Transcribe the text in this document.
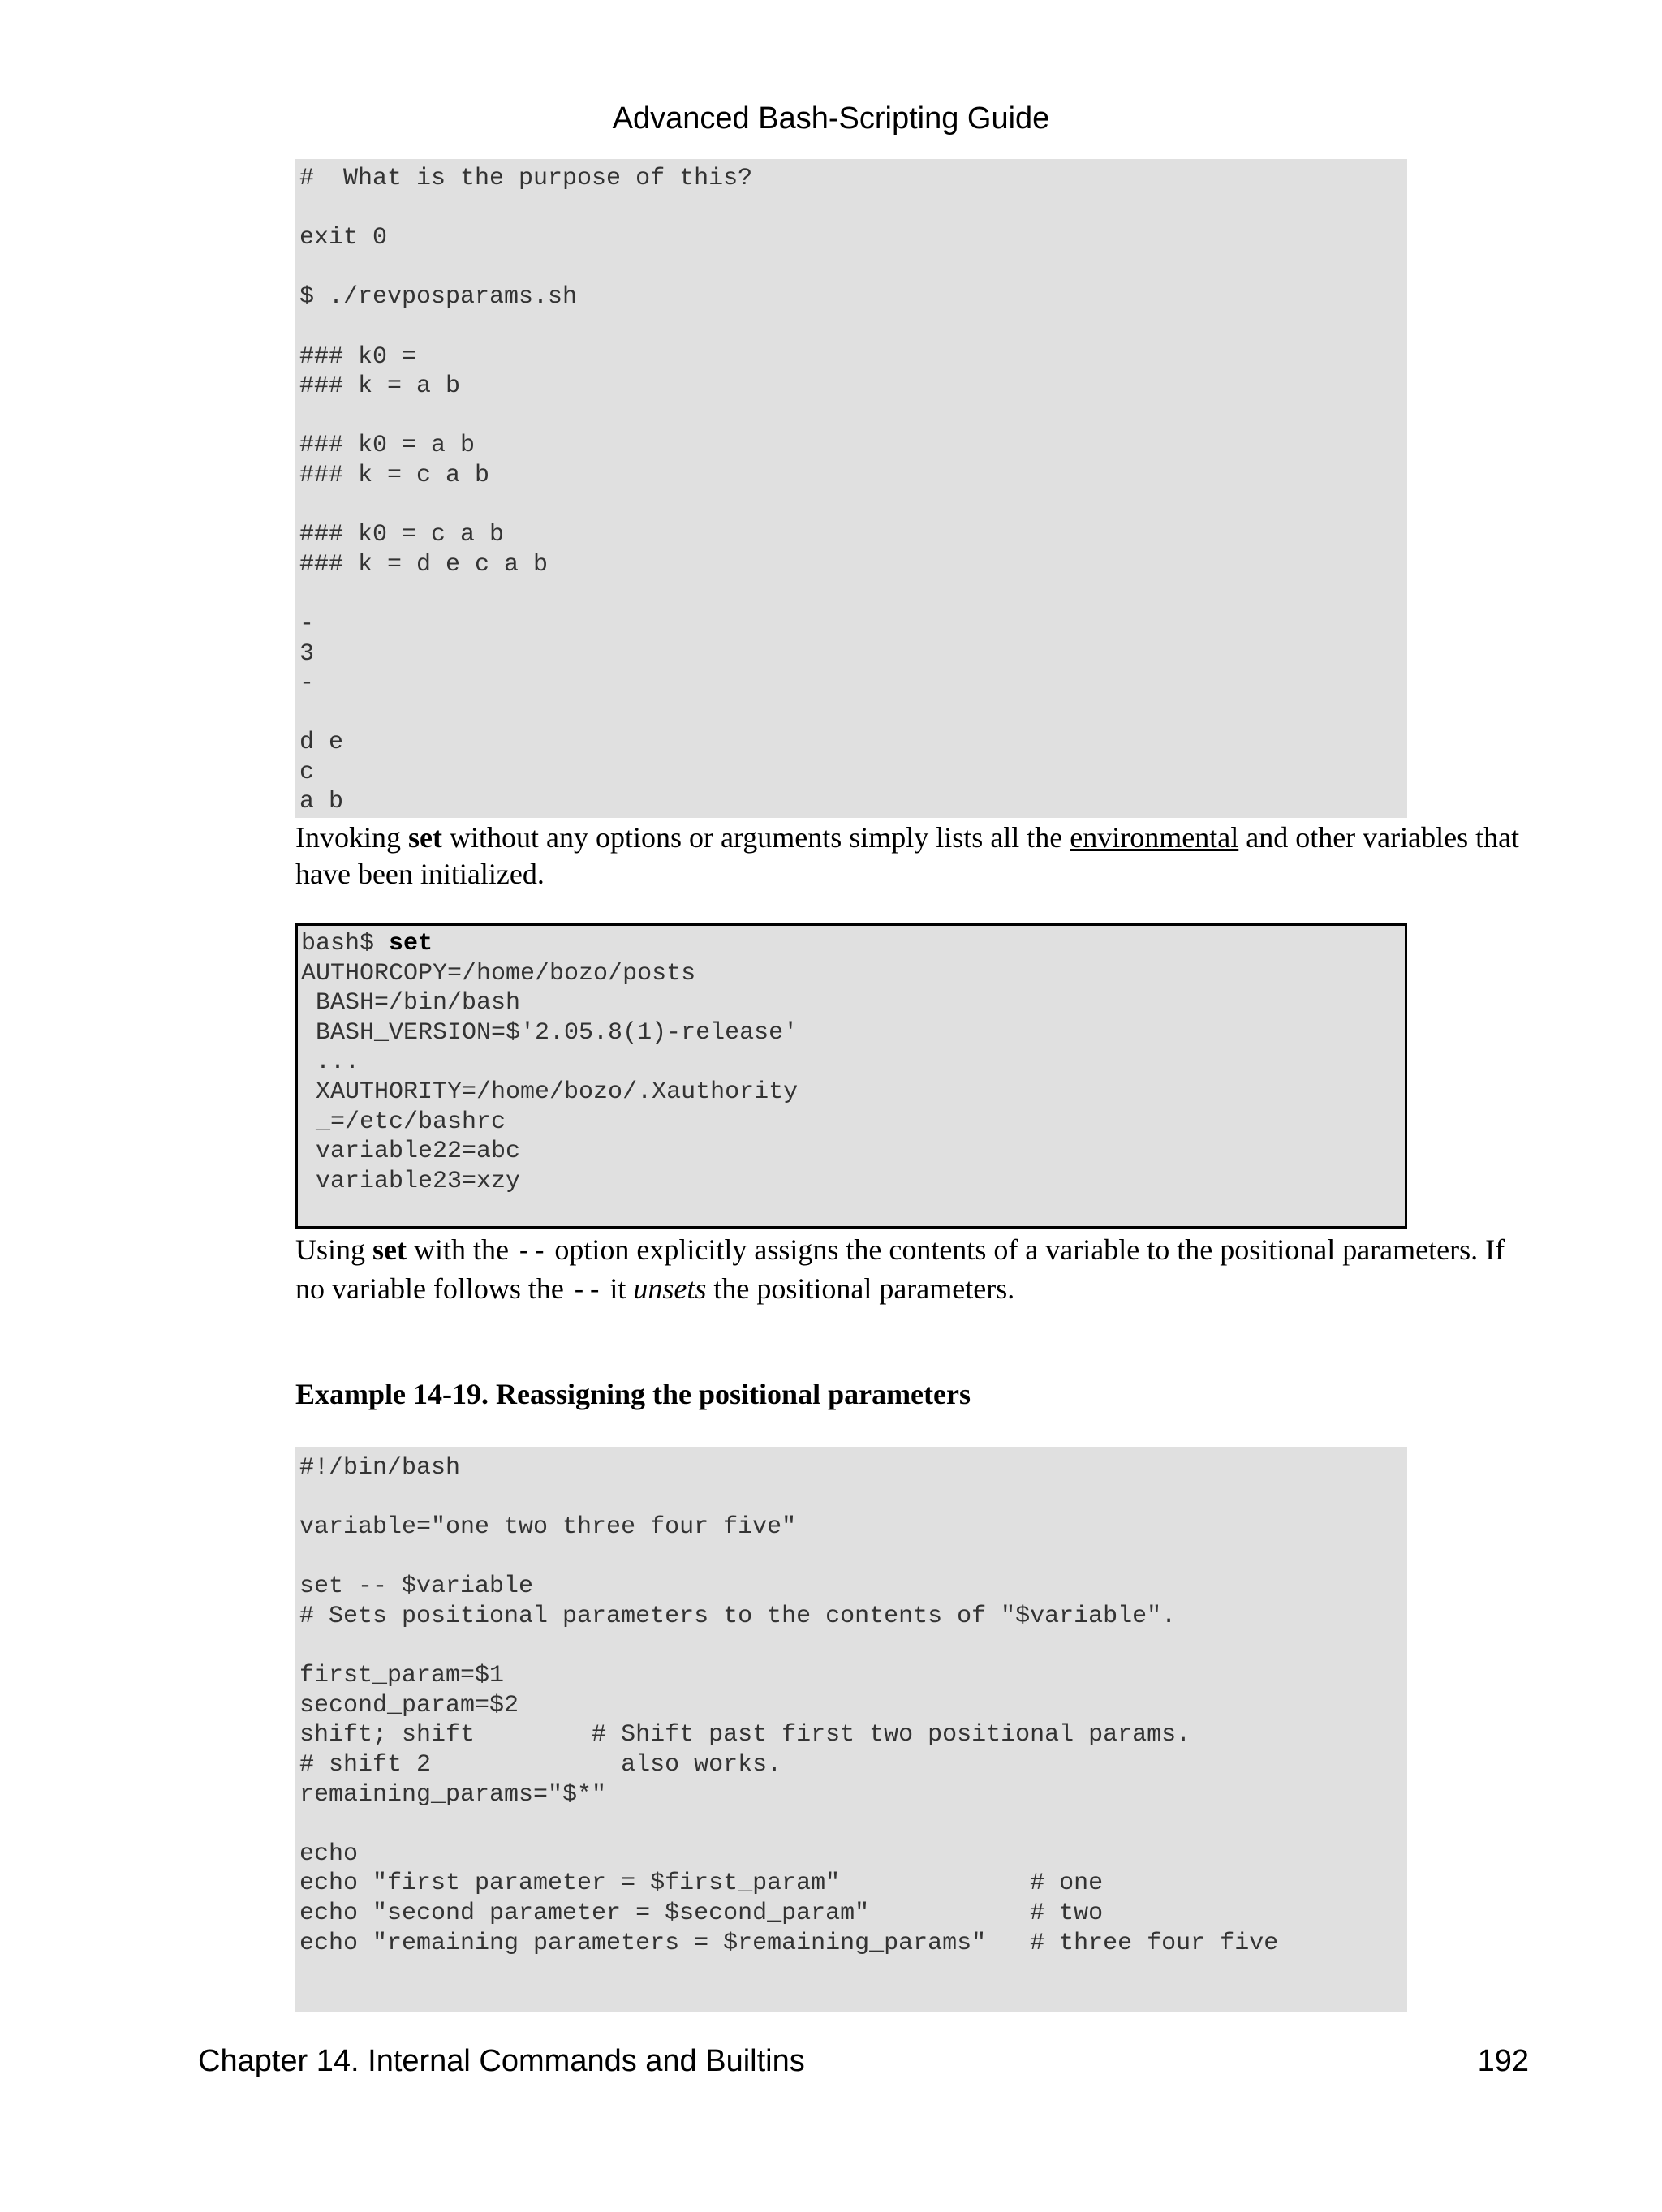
Advanced Bash-Scripting Guide
#  What is the purpose of this?
exit 0
$ ./revposparams.sh
### k0 =
### k = a b
### k0 = a b
### k = c a b
### k0 = c a b
### k = d e c a b
-
3
-
d e
c
a b

Invoking set without any options or arguments simply lists all the environmental and other variables that have been initialized.

bash$ set
AUTHORCOPY=/home/bozo/posts
BASH=/bin/bash
BASH_VERSION=$'2.05.8(1)-release'
...
XAUTHORITY=/home/bozo/.Xauthority
_=/etc/bashrc
variable22=abc
variable23=xzy

Using set with the -- option explicitly assigns the contents of a variable to the positional parameters. If no variable follows the -- it unsets the positional parameters.

Example 14-19. Reassigning the positional parameters

#!/bin/bash
variable="one two three four five"
set -- $variable
# Sets positional parameters to the contents of "$variable".
first_param=$1
second_param=$2
shift; shift        # Shift past first two positional params.
# shift 2             also works.
remaining_params="$*"
echo
echo "first parameter = $first_param"             # one
echo "second parameter = $second_param"           # two
echo "remaining parameters = $remaining_params"   # three four five
Chapter 14. Internal Commands and Builtins	192
